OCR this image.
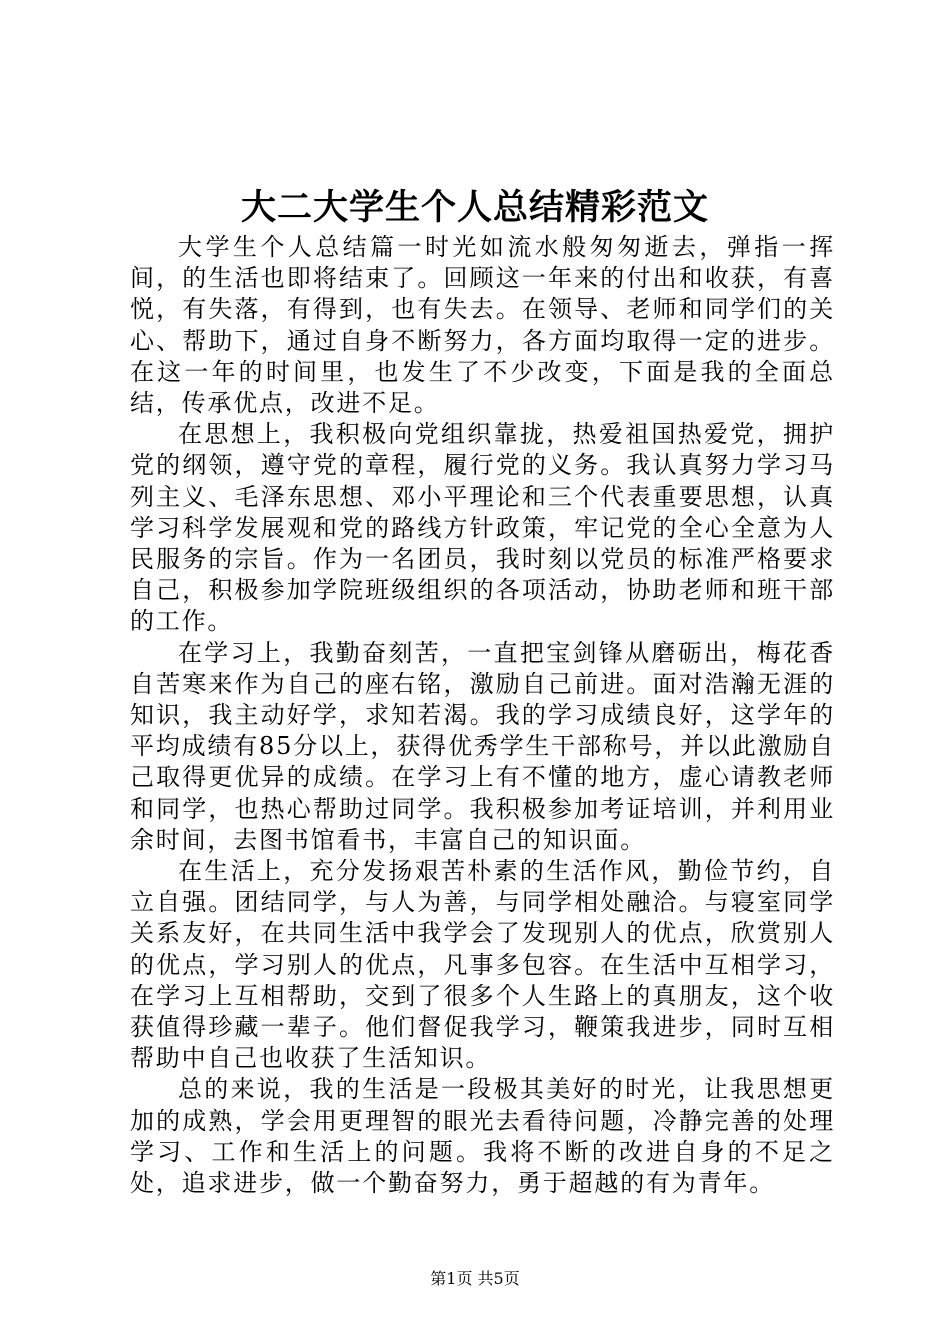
大二大学生个人总结精彩范文

大学生个人总结篇一时光如流水般匆匆逝去，弹指一挥间，的生活也即将结束了。回顾这一年来的付出和收获，有喜悦，有失落，有得到，也有失去。在领导、老师和同学们的关心、帮助下，通过自身不断努力，各方面均取得一定的进步。在这一年的时间里，也发生了不少改变，下面是我的全面总结，传承优点，改进不足。

在思想上，我积极向党组织靠拢，热爱祖国热爱党，拥护党的纲领，遵守党的章程，履行党的义务。我认真努力学习马列主义、毛泽东思想、邓小平理论和三个代表重要思想，认真学习科学发展观和党的路线方针政策，牢记党的全心全意为人民服务的宗旨。作为一名团员，我时刻以党员的标准严格要求自己，积极参加学院班级组织的各项活动，协助老师和班干部的工作。

在学习上，我勤奋刻苦，一直把宝剑锋从磨砺出，梅花香自苦寒来作为自己的座右铭，激励自己前进。面对浩瀚无涯的知识，我主动好学，求知若渴。我的学习成绩良好，这学年的平均成绩有85分以上，获得优秀学生干部称号，并以此激励自己取得更优异的成绩。在学习上有不懂的地方，虚心请教老师和同学，也热心帮助过同学。我积极参加考证培训，并利用业余时间，去图书馆看书，丰富自己的知识面。

在生活上，充分发扬艰苦朴素的生活作风，勤俭节约，自立自强。团结同学，与人为善，与同学相处融洽。与寝室同学关系友好，在共同生活中我学会了发现别人的优点，欣赏别人的优点，学习别人的优点，凡事多包容。在生活中互相学习，在学习上互相帮助，交到了很多个人生路上的真朋友，这个收获值得珍藏一辈子。他们督促我学习，鞭策我进步，同时互相帮助中自己也收获了生活知识。

总的来说，我的生活是一段极其美好的时光，让我思想更加的成熟，学会用更理智的眼光去看待问题，冷静完善的处理学习、工作和生活上的问题。我将不断的改进自身的不足之处，追求进步，做一个勤奋努力，勇于超越的有为青年。

第1页 共5页
